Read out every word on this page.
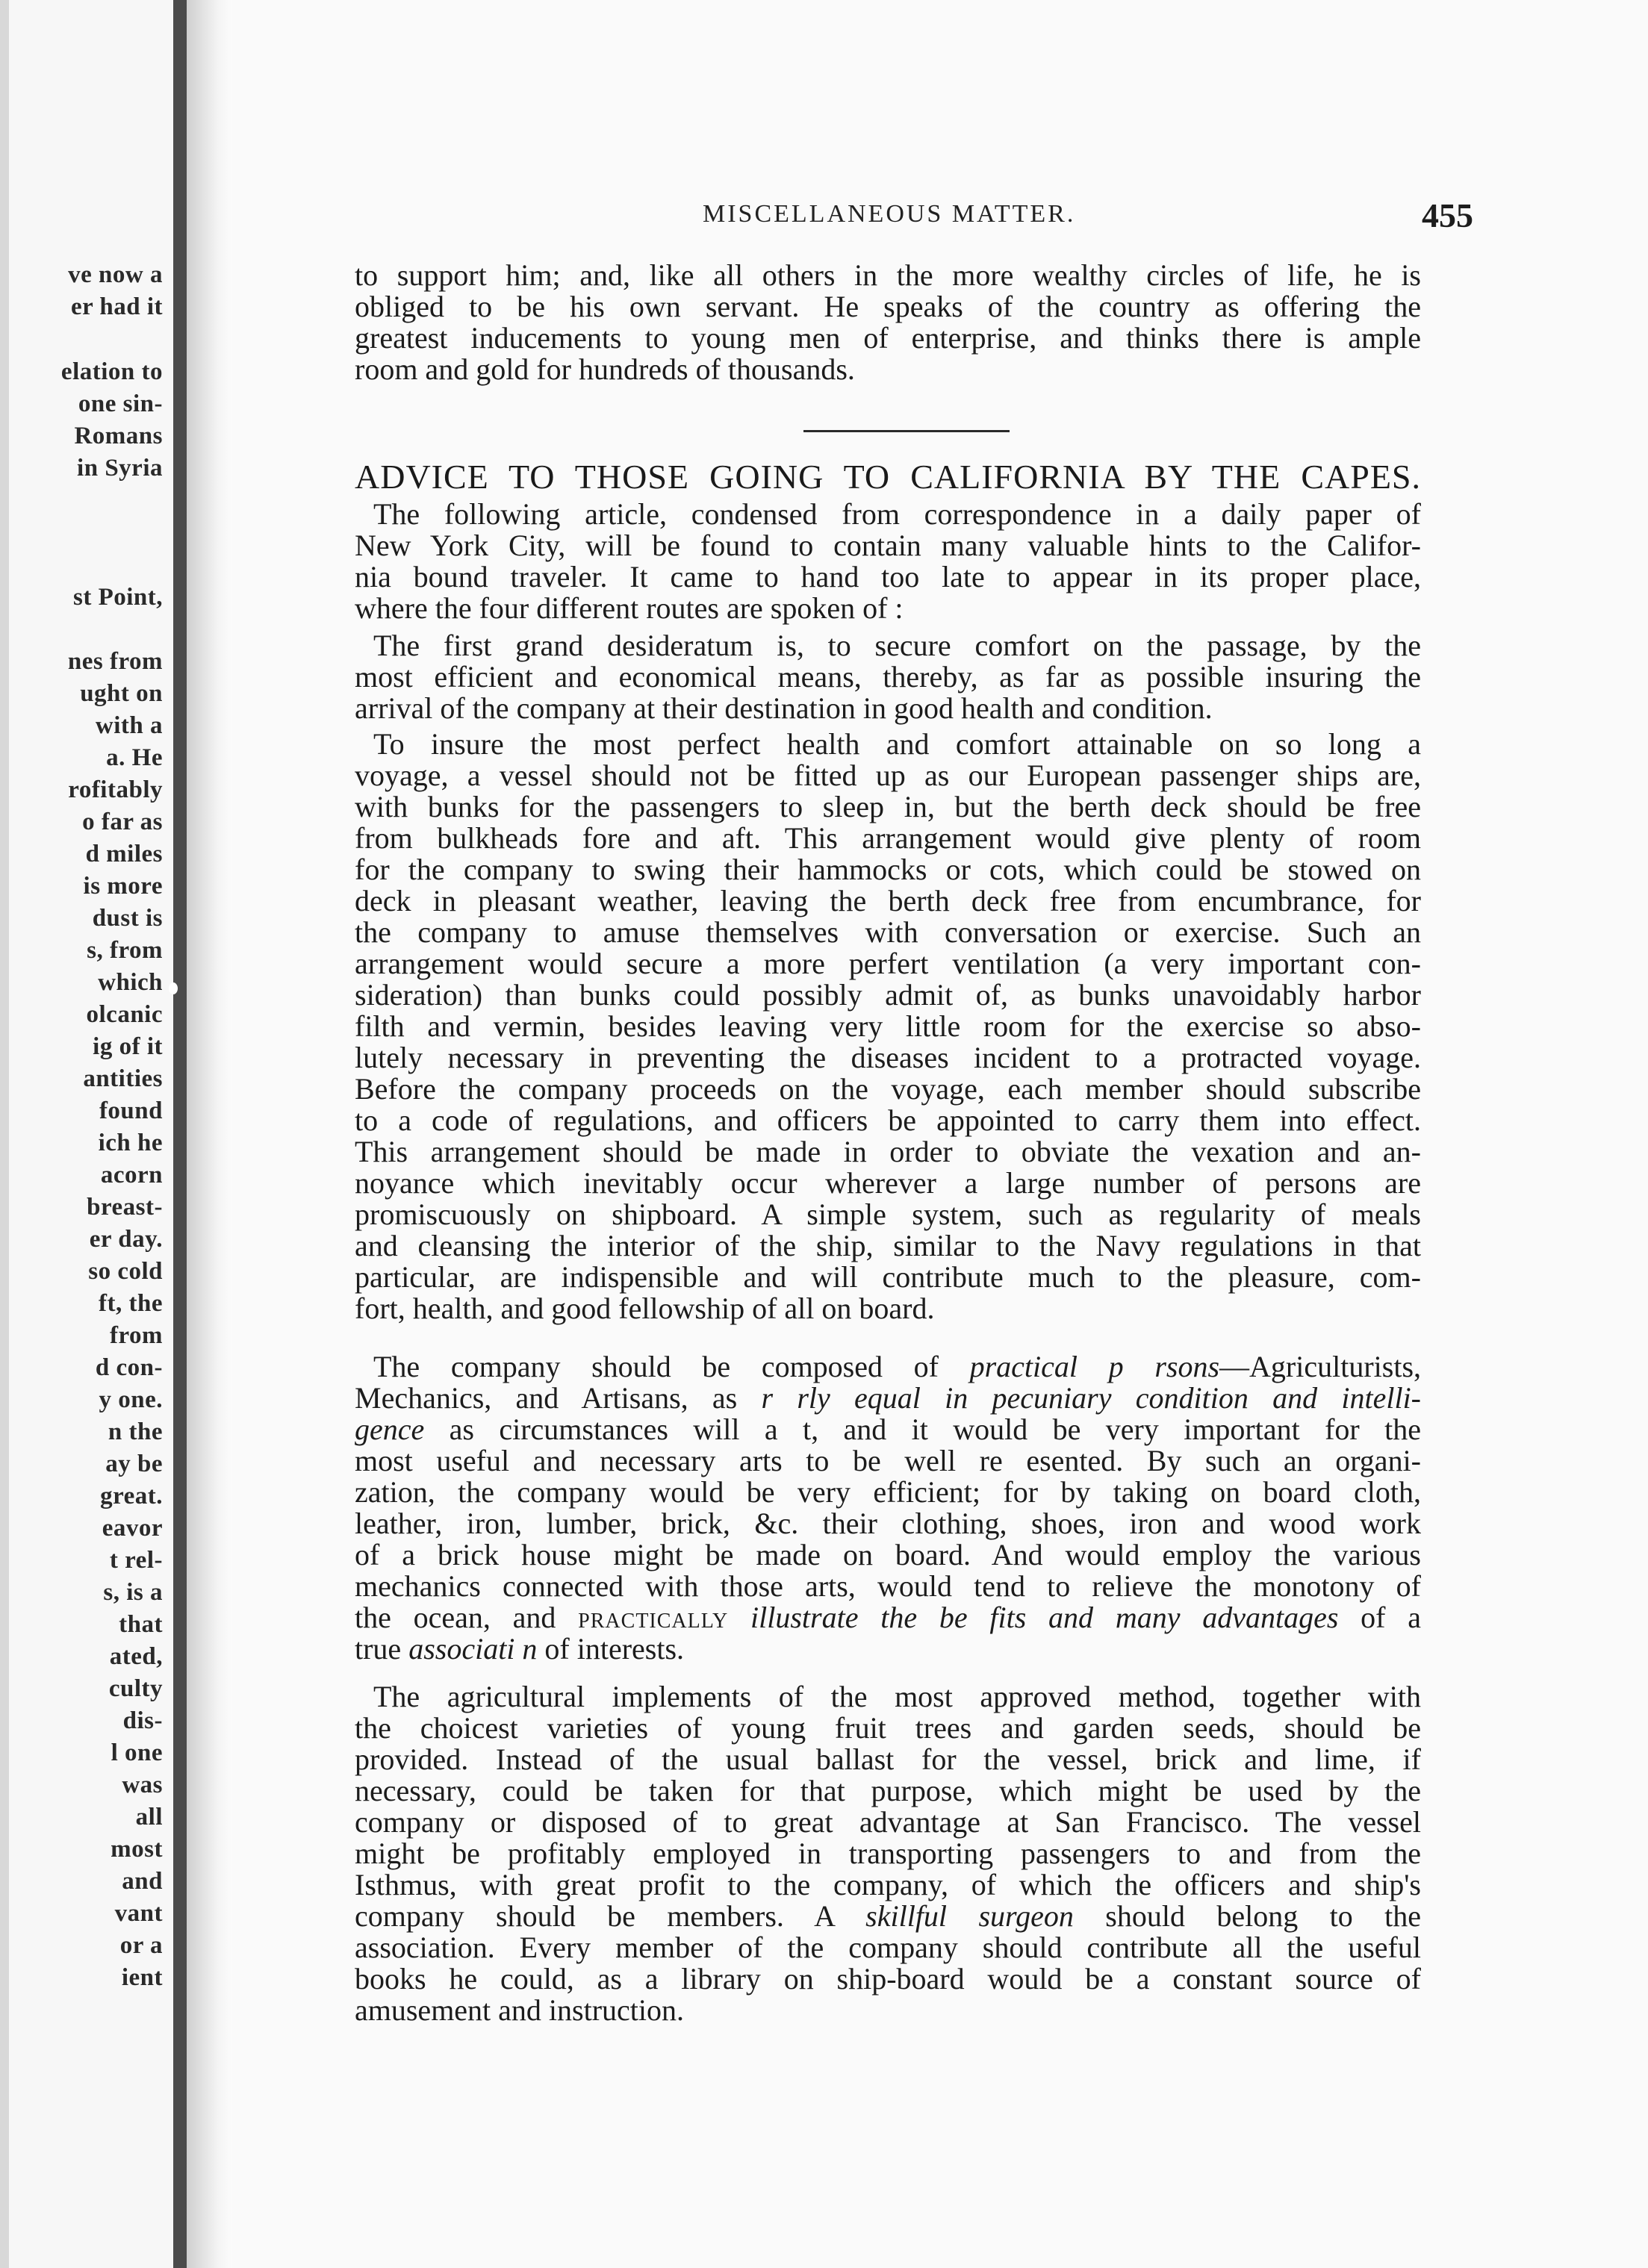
ve now a
er had it
elation to
one sin-
Romans
in Syria
st Point,
nes from
ught on
with a
a. He
rofitably
o far as
d miles
is more
dust is
s, from
which
olcanic
ig of it
antities
found
ich he
acorn
breast-
er day.
so cold
ft, the
from
d con-
y one.
n the
ay be
great.
eavor
t rel-
s, is a
that
ated,
culty
dis-
l one
was
all
most
and
vant
or a
ient
MISCELLANEOUS MATTER.	455
to support him; and, like all others in the more wealthy circles of life, he is
obliged to be his own servant. He speaks of the country as offering the
greatest inducements to young men of enterprise, and thinks there is ample
room and gold for hundreds of thousands.
ADVICE TO THOSE GOING TO CALIFORNIA BY THE CAPES.
The following article, condensed from correspondence in a daily paper of
New York City, will be found to contain many valuable hints to the Califor-
nia bound traveler. It came to hand too late to appear in its proper place,
where the four different routes are spoken of :
The first grand desideratum is, to secure comfort on the passage, by the
most efficient and economical means, thereby, as far as possible insuring the
arrival of the company at their destination in good health and condition.
To insure the most perfect health and comfort attainable on so long a
voyage, a vessel should not be fitted up as our European passenger ships are,
with bunks for the passengers to sleep in, but the berth deck should be free
from bulkheads fore and aft. This arrangement would give plenty of room
for the company to swing their hammocks or cots, which could be stowed on
deck in pleasant weather, leaving the berth deck free from encumbrance, for
the company to amuse themselves with conversation or exercise. Such an
arrangement would secure a more perfert ventilation (a very important con-
sideration) than bunks could possibly admit of, as bunks unavoidably harbor
filth and vermin, besides leaving very little room for the exercise so abso-
lutely necessary in preventing the diseases incident to a protracted voyage.
Before the company proceeds on the voyage, each member should subscribe
to a code of regulations, and officers be appointed to carry them into effect.
This arrangement should be made in order to obviate the vexation and an-
noyance which inevitably occur wherever a large number of persons are
promiscuously on shipboard. A simple system, such as regularity of meals
and cleansing the interior of the ship, similar to the Navy regulations in that
particular, are indispensible and will contribute much to the pleasure, com-
fort, health, and good fellowship of all on board.
The company should be composed of practical p rsons—Agriculturists,
Mechanics, and Artisans, as r rly equal in pecuniary condition and intelli-
gence as circumstances will a t, and it would be very important for the
most useful and necessary arts to be well re esented. By such an organi-
zation, the company would be very efficient; for by taking on board cloth,
leather, iron, lumber, brick, &c. their clothing, shoes, iron and wood work
of a brick house might be made on board. And would employ the various
mechanics connected with those arts, would tend to relieve the monotony of
the ocean, and practically illustrate the be fits and many advantages of a
true associati n of interests.
The agricultural implements of the most approved method, together with
the choicest varieties of young fruit trees and garden seeds, should be
provided. Instead of the usual ballast for the vessel, brick and lime, if
necessary, could be taken for that purpose, which might be used by the
company or disposed of to great advantage at San Francisco. The vessel
might be profitably employed in transporting passengers to and from the
Isthmus, with great profit to the company, of which the officers and ship's
company should be members. A skillful surgeon should belong to the
association. Every member of the company should contribute all the useful
books he could, as a library on ship-board would be a constant source of
amusement and instruction.
